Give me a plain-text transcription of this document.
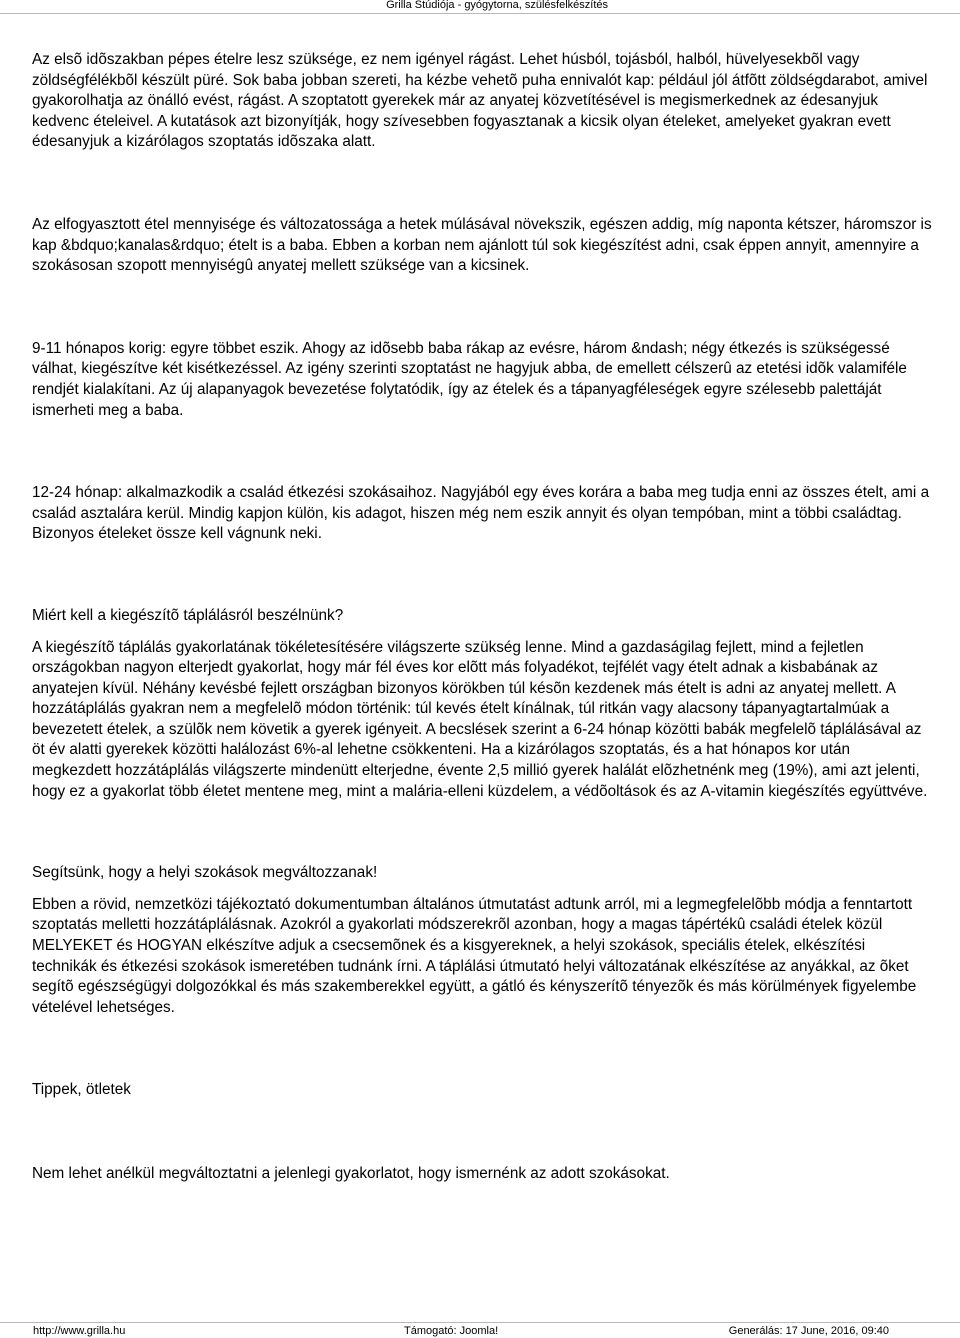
Grilla Stúdiója - gyógytorna, szülésfelkészítés

Az elsõ idõszakban pépes ételre lesz szüksége, ez nem igényel rágást. Lehet húsból, tojásból, halból, hüvelyesekbõl vagy zöldségfélékbõl készült püré. Sok baba jobban szereti, ha kézbe vehetõ puha ennivalót kap: például jól átfõtt zöldségdarabot, amivel gyakorolhatja az önálló evést, rágást. A szoptatott gyerekek már az anyatej közvetítésével is megismerkednek az édesanyjuk kedvenc ételeivel. A kutatások azt bizonyítják, hogy szívesebben fogyasztanak a kicsik olyan ételeket, amelyeket gyakran evett édesanyjuk a kizárólagos szoptatás idõszaka alatt.

Az elfogyasztott étel mennyisége és változatossága a hetek múlásával növekszik, egészen addig, míg naponta kétszer, háromszor is kap &bdquo;kanalas&rdquo; ételt is a baba. Ebben a korban nem ajánlott túl sok kiegészítést adni, csak éppen annyit, amennyire a szokásosan szopott mennyiségû anyatej mellett szüksége van a kicsinek.

9-11 hónapos korig: egyre többet eszik. Ahogy az idõsebb baba rákap az evésre, három &ndash; négy étkezés is szükségessé válhat, kiegészítve két kisétkezéssel. Az igény szerinti szoptatást ne hagyjuk abba, de emellett célszerû az etetési idõk valamiféle rendjét kialakítani. Az új alapanyagok bevezetése folytatódik, így az ételek és a tápanyagféleségek egyre szélesebb palettáját ismerheti meg a baba.

12-24 hónap: alkalmazkodik a család étkezési szokásaihoz. Nagyjából egy éves korára a baba meg tudja enni az összes ételt, ami a család asztalára kerül. Mindig kapjon külön, kis adagot, hiszen még nem eszik annyit és olyan tempóban, mint a többi családtag. Bizonyos ételeket össze kell vágnunk neki.

Miért kell a kiegészítõ táplálásról beszélnünk?

A kiegészítõ táplálás gyakorlatának tökéletesítésére világszerte szükség lenne. Mind a gazdaságilag fejlett, mind a fejletlen országokban nagyon elterjedt gyakorlat, hogy már fél éves kor elõtt más folyadékot, tejfélét vagy ételt adnak a kisbabának az anyatejen kívül. Néhány kevésbé fejlett országban bizonyos körökben túl késõn kezdenek más ételt is adni az anyatej mellett. A hozzátáplálás gyakran nem a megfelelõ módon történik: túl kevés ételt kínálnak, túl ritkán vagy alacsony tápanyagtartalmúak a bevezetett ételek, a szülõk nem követik a gyerek igényeit. A becslések szerint a 6-24 hónap közötti babák megfelelõ táplálásával az öt év alatti gyerekek közötti halálozást 6%-al lehetne csökkenteni. Ha a kizárólagos szoptatás, és a hat hónapos kor után megkezdett hozzátáplálás világszerte mindenütt elterjedne, évente 2,5 millió gyerek halálát elõzhetnénk meg (19%), ami azt jelenti, hogy ez a gyakorlat több életet mentene meg, mint a malária-elleni küzdelem, a védõoltások és az A-vitamin kiegészítés együttvéve.

Segítsünk, hogy a helyi szokások megváltozzanak!

Ebben a rövid, nemzetközi tájékoztató dokumentumban általános útmutatást adtunk arról, mi a legmegfelelõbb módja a fenntartott szoptatás melletti hozzátáplálásnak. Azokról a gyakorlati módszerekrõl azonban, hogy a magas tápértékû családi ételek közül MELYEKET és HOGYAN elkészítve adjuk a csecsemõnek és a kisgyereknek, a helyi szokások, speciális ételek, elkészítési technikák és étkezési szokások ismeretében tudnánk írni. A táplálási útmutató helyi változatának elkészítése az anyákkal, az õket segítõ egészségügyi dolgozókkal és más szakemberekkel együtt, a gátló és kényszerítõ tényezõk és más körülmények figyelembe vételével lehetséges.

Tippek, ötletek

Nem lehet anélkül megváltoztatni a jelenlegi gyakorlatot, hogy ismernénk az adott szokásokat.

http://www.grilla.hu	Támogató: Joomla!	Generálás: 17 June, 2016, 09:40
